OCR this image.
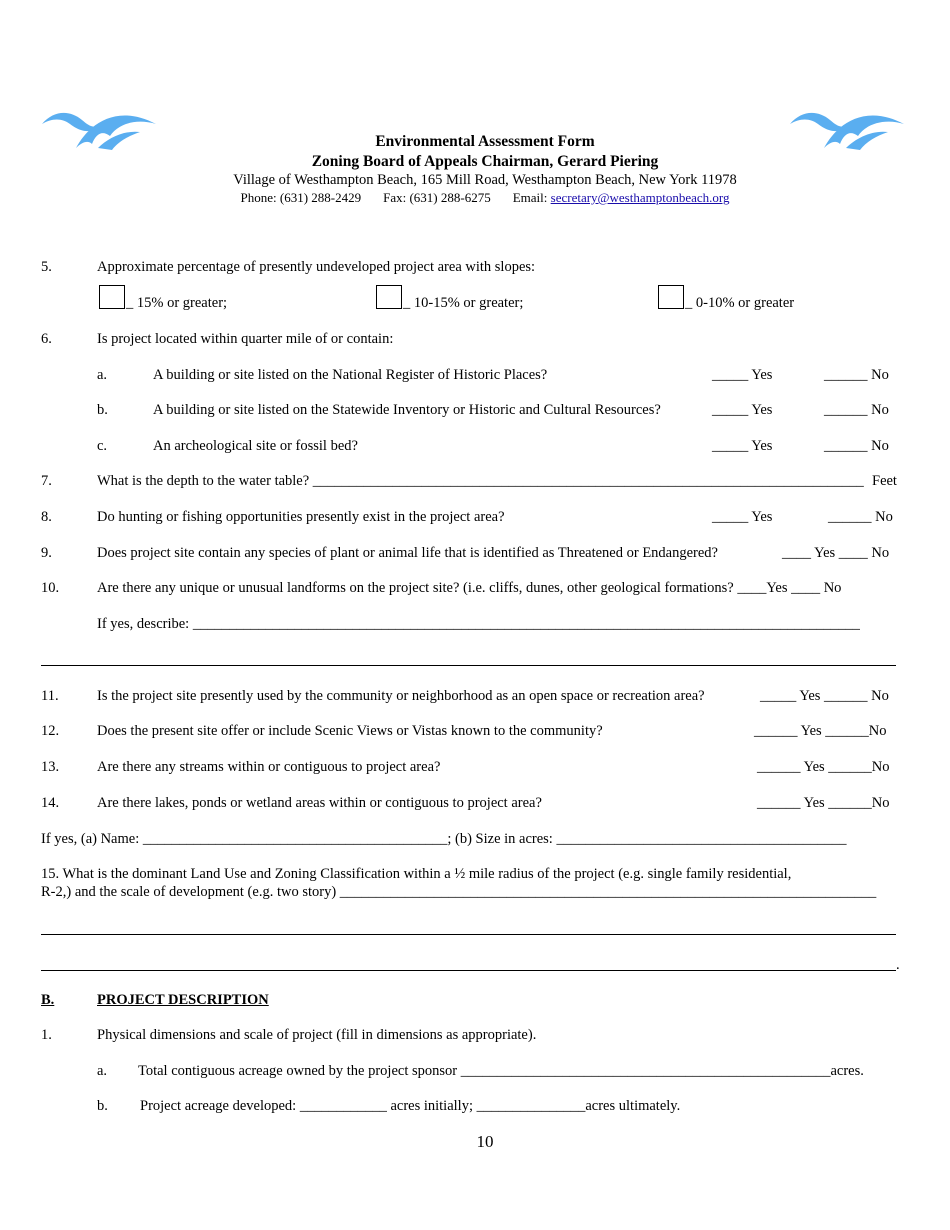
Environmental Assessment Form
Zoning Board of Appeals Chairman, Gerard Piering
Village of Westhampton Beach, 165 Mill Road, Westhampton Beach, New York 11978
Phone: (631) 288-2429 Fax: (631) 288-6275 Email: secretary@westhamptonbeach.org
5.	Approximate percentage of presently undeveloped project area with slopes:
_ 15% or greater;	_ 10-15% or greater;	_ 0-10% or greater
6.	Is project located within quarter mile of or contain:
a.	A building or site listed on the National Register of Historic Places?	_____ Yes	______ No
b.	A building or site listed on the Statewide Inventory or Historic and Cultural Resources?	_____ Yes	______ No
c.	An archeological site or fossil bed?	_____ Yes	______ No
7.	What is the depth to the water table? ____________________________________________________________________________ Feet
8.	Do hunting or fishing opportunities presently exist in the project area?	_____ Yes	______ No
9.	Does project site contain any species of plant or animal life that is identified as Threatened or Endangered?	____ Yes ____ No
10.	Are there any unique or unusual landforms on the project site? (i.e. cliffs, dunes, other geological formations? ____Yes ____ No
If yes, describe: ____________________________________________________________________________________________
11.	Is the project site presently used by the community or neighborhood as an open space or recreation area?	_____ Yes ______ No
12.	Does the present site offer or include Scenic Views or Vistas known to the community?	______ Yes ______No
13.	Are there any streams within or contiguous to project area?	______ Yes ______No
14.	Are there lakes, ponds or wetland areas within or contiguous to project area?	______ Yes ______No
If yes, (a) Name: __________________________________________; (b) Size in acres: ________________________________________
15. What is the dominant Land Use and Zoning Classification within a ½ mile radius of the project (e.g. single family residential,
R-2,) and the scale of development (e.g. two story) __________________________________________________________________________
.
B.	PROJECT DESCRIPTION
1.	Physical dimensions and scale of project (fill in dimensions as appropriate).
a. Total contiguous acreage owned by the project sponsor ___________________________________________________acres.
b. Project acreage developed: ____________ acres initially; _______________acres ultimately.
10
